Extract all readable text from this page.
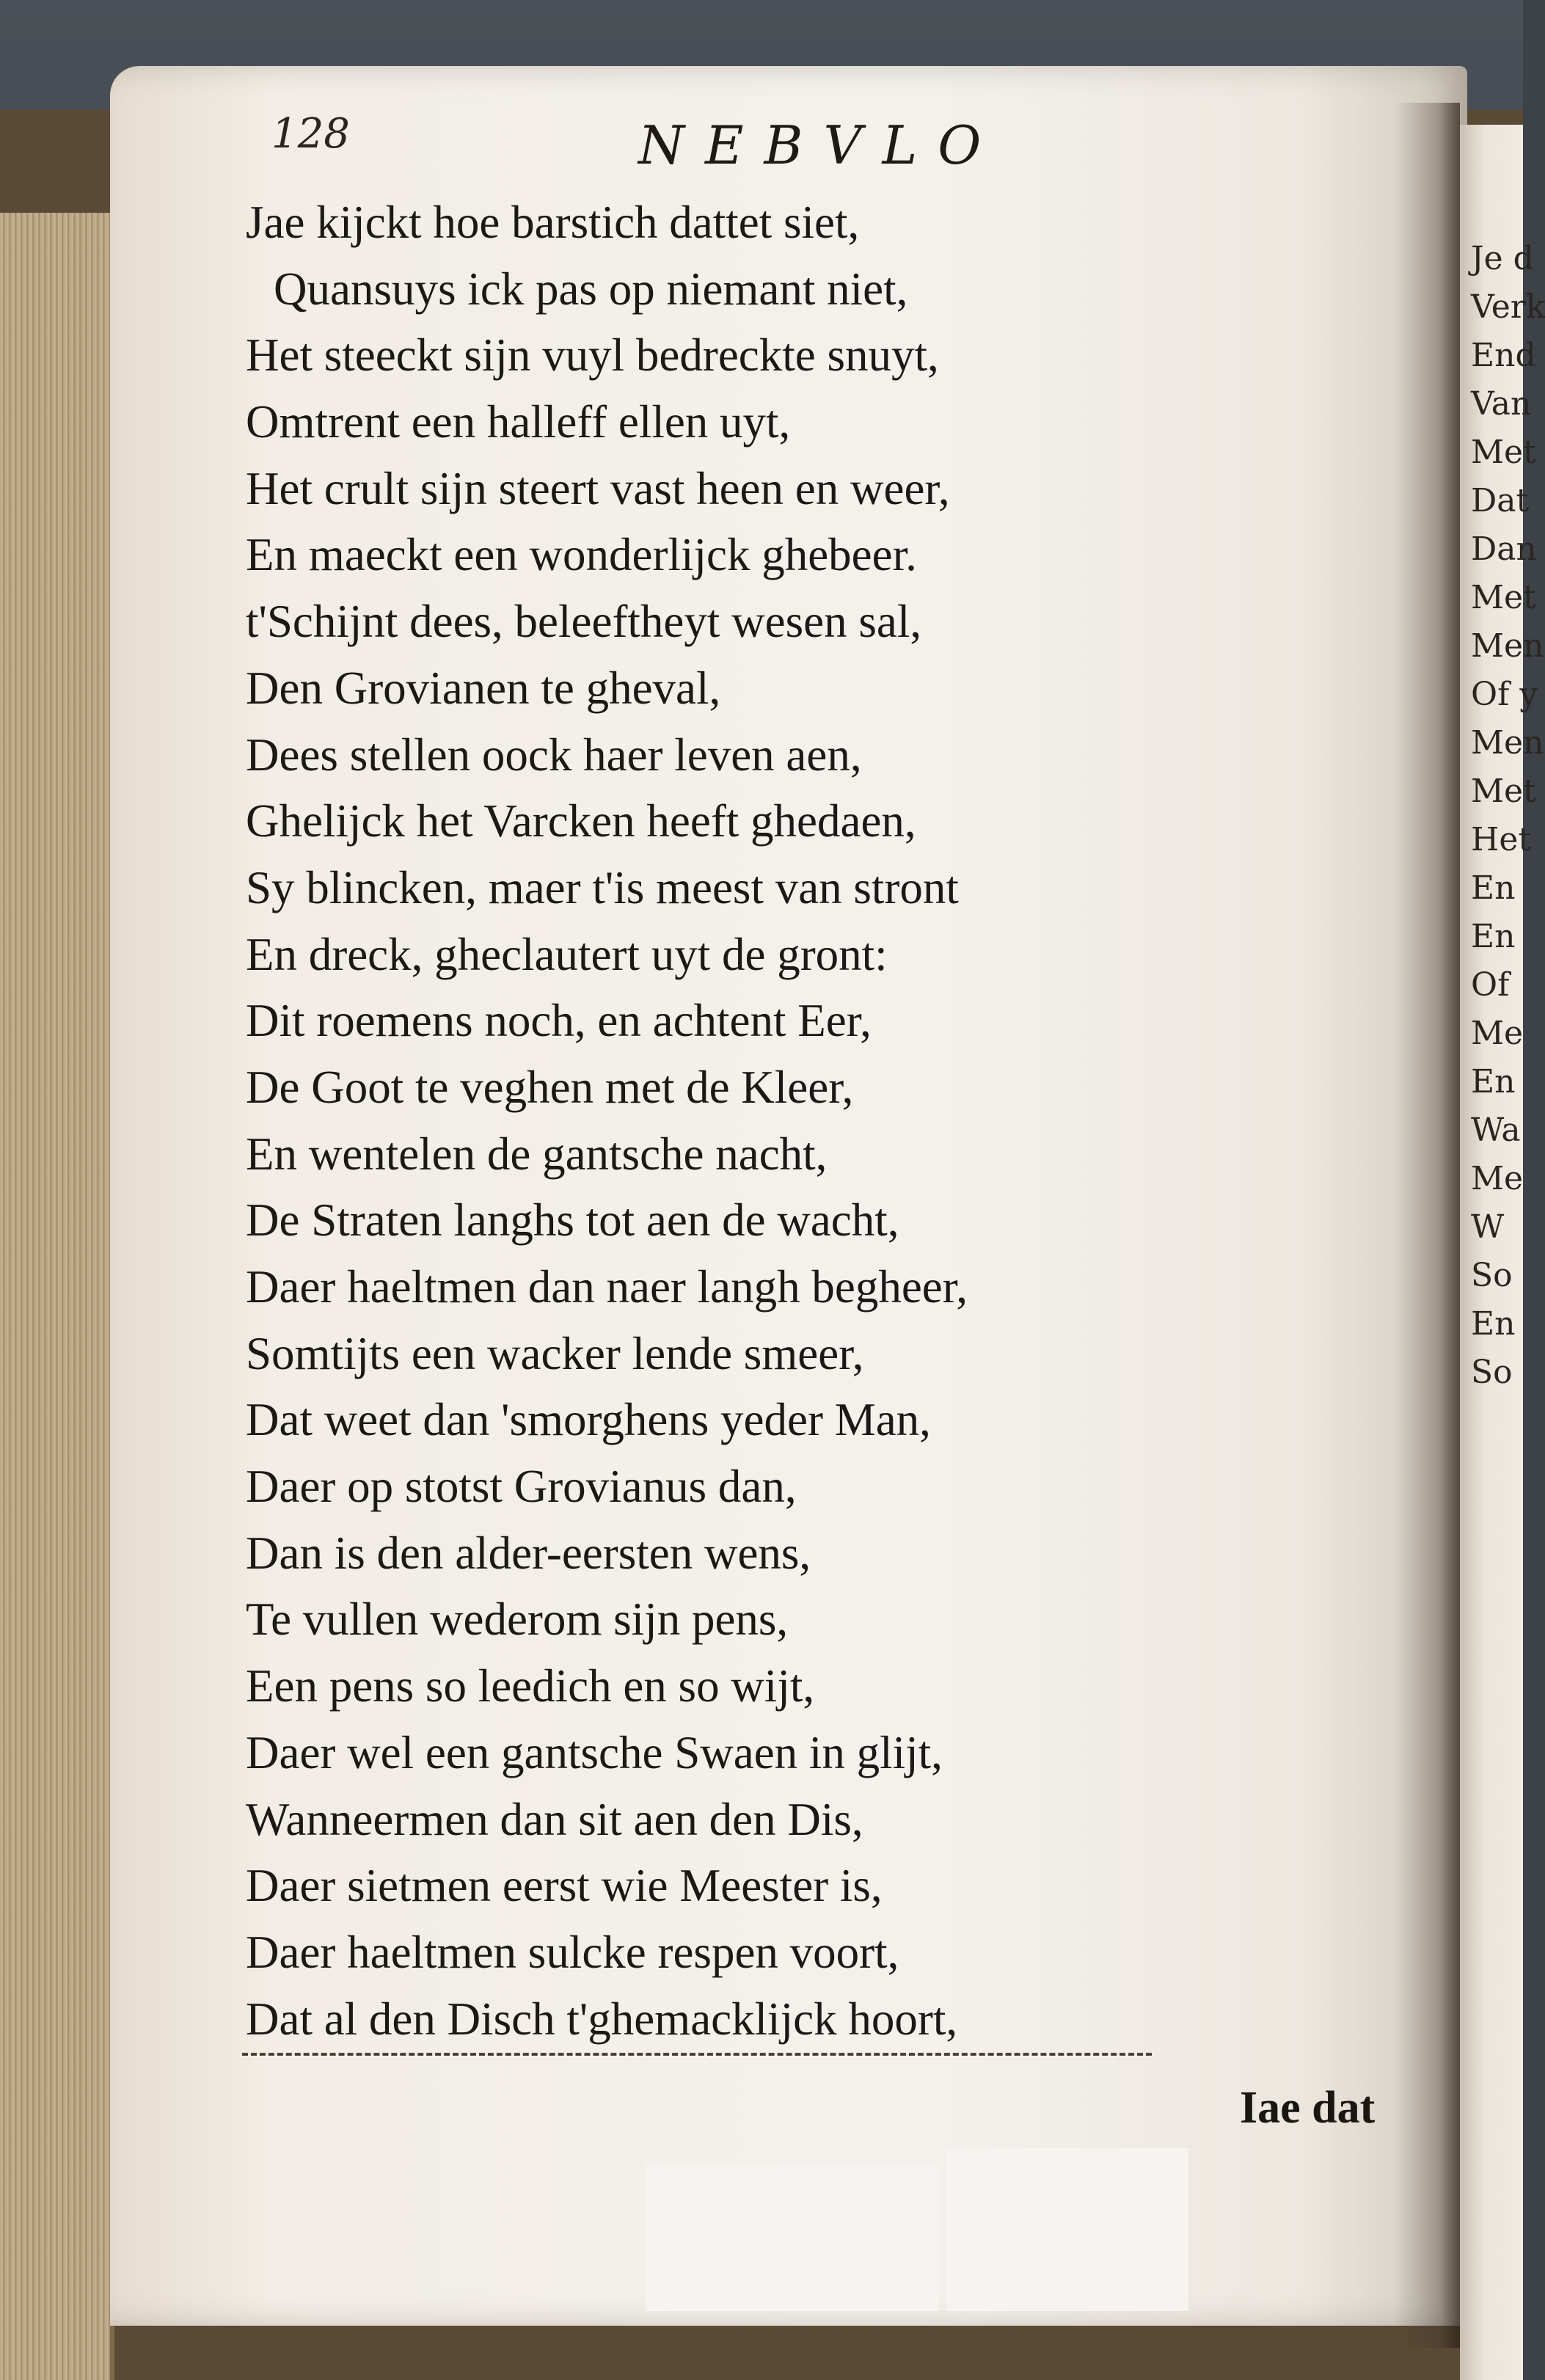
Je d
Verk
End
Van
Met
Dat
Dan
Met
Men
Of y
Men
Met
Het
En
En
Of
Me
En
Wa
Me
W
So
En
So
128	NEBVLO
Jae kijckt hoe barstich dattet siet,
Quansuys ick pas op niemant niet,
Het steeckt sijn vuyl bedreckte snuyt,
Omtrent een halleff ellen uyt,
Het crult sijn steert vast heen en weer,
En maeckt een wonderlijck ghebeer.
t'Schijnt dees, beleeftheyt wesen sal,
Den Grovianen te gheval,
Dees stellen oock haer leven aen,
Ghelijck het Varcken heeft ghedaen,
Sy blincken, maer t'is meest van stront
En dreck, gheclautert uyt de gront:
Dit roemens noch, en achtent Eer,
De Goot te veghen met de Kleer,
En wentelen de gantsche nacht,
De Straten langhs tot aen de wacht,
Daer haeltmen dan naer langh begheer,
Somtijts een wacker lende smeer,
Dat weet dan 'smorghens yeder Man,
Daer op stotst Grovianus dan,
Dan is den alder-eersten wens,
Te vullen wederom sijn pens,
Een pens so leedich en so wijt,
Daer wel een gantsche Swaen in glijt,
Wanneermen dan sit aen den Dis,
Daer sietmen eerst wie Meester is,
Daer haeltmen sulcke respen voort,
Dat al den Disch t'ghemacklijck hoort,
Iae dat
